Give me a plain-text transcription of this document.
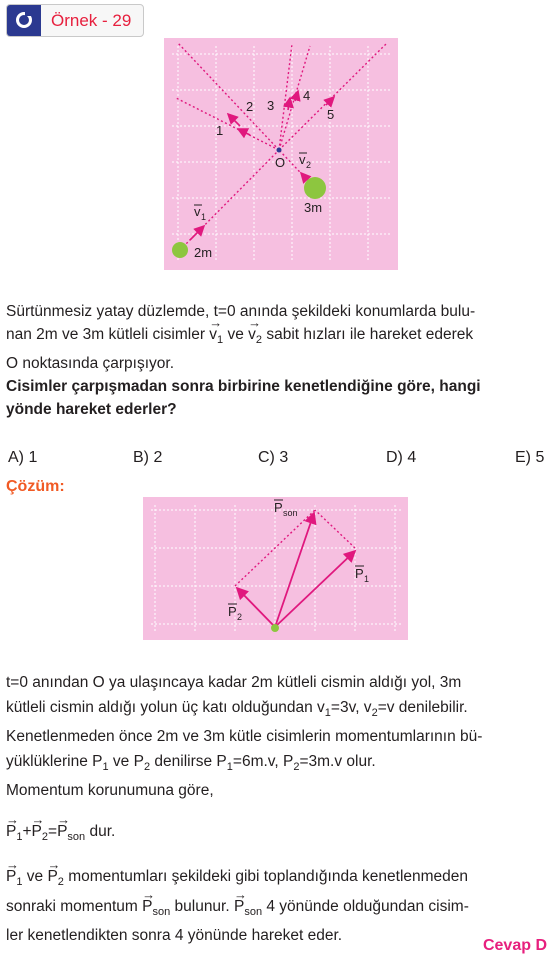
Örnek - 29
1
2 3
4
5
O
v 1
v 2
2m
3m
Sürtünmesiz yatay düzlemde, t=0 anında şekildeki konumlarda bulu-
nan 2m ve 3m kütleli cisimler → $v_1$ ve → $v_2$ sabit hızları ile hareket ederek
O noktasında çarpışıyor.
Cisimler çarpışmadan sonra birbirine kenetlendiğine göre, hangi
yönde hareket ederler?
A) 1	B) 2	C) 3	D) 4	E) 5
Çözüm:
P son
P 1
P 2
t=0 anından O ya ulaşıncaya kadar 2m kütleli cismin aldığı yol, 3m
kütleli cismin aldığı yolun üç katı olduğundan $v_1=3v$, $v_2=v$ denilebilir.
Kenetlenmeden önce 2m ve 3m kütle cisimlerin momentumlarının bü-
yüklüklerine $P_1$ ve $P_2$ denilirse $P_1=6m.v$, $P_2=3m.v$ olur.
Momentum korunumuna göre,
→ $P_1+\to P_2=\to P_{son}$ dur.
→ $P_1$ ve → $P_2$ momentumları şekildeki gibi toplandığında kenetlenmeden
sonraki momentum → $P_{son}$ bulunur. → $P_{son}$ 4 yönünde olduğundan cisim-
ler kenetlendikten sonra 4 yönünde hareket eder.
Cevap D
